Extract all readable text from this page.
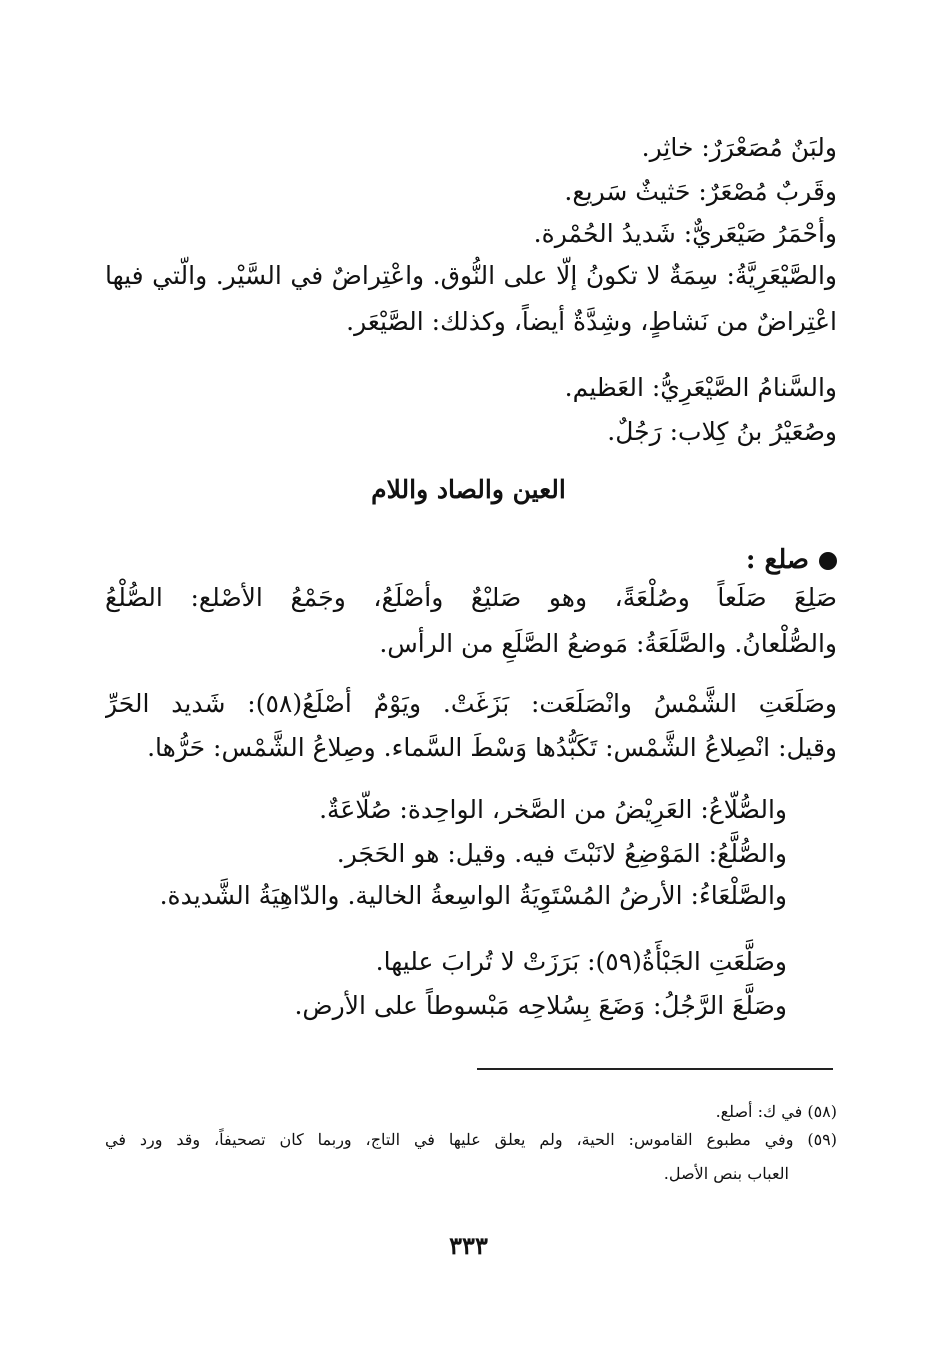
ولبَنٌ مُصَعْرَرٌ: خاثِر.
وقَربٌ مُصْعَرٌ: حَثيثٌ سَريع.
وأحْمَرُ صَيْعَريٌّ: شَديدُ الحُمْرة.
والصَّيْعَرِيَّةُ: سِمَةٌ لا تكونُ إلّا على النُّوق. واعْتِراضٌ في السَّيْر. والّتي فيها
اعْتِراضٌ من نَشاطٍ، وشِدَّةٌ أيضاً، وكذلك: الصَّيْعَر.
والسَّنامُ الصَّيْعَرِيُّ: العَظيم.
وصُعَيْرُ بنُ كِلاب: رَجُلٌ.
العين والصاد واللام
صلع :
صَلِعَ صَلَعاً وصُلْعَةً، وهو صَليْعٌ وأصْلَعُ، وجَمْعُ الأصْلع: الصُّلْعُ
والصُّلْعانُ. والصَّلَعَةُ: مَوضعُ الصَّلَعِ من الرأس.
وصَلَعَتِ الشَّمْسُ وانْصَلَعَت: بَزَغَتْ. ويَوْمٌ أصْلَعُ(٥٨): شَديد الحَرِّ
وقيل: انْصِلاعُ الشَّمْس: تَكَبُّدُها وَسْطَ السَّماء. وصِلاعُ الشَّمْس: حَرُّها.
والصُّلّاعُ: العَرِيْضُ من الصَّخر، الواحِدة: صُلّاعَةٌ.
والصُّلَّعُ: المَوْضِعُ لانَبْتَ فيه. وقيل: هو الحَجَر.
والصَّلْعَاءُ: الأرضُ المُسْتَوِيَةُ الواسِعةُ الخالية. والدّاهِيَةُ الشَّديدة.
وصَلَّعَتِ الجَبْأَةُ(٥٩): بَرَزَتْ لا تُرابَ عليها.
وصَلَّعَ الرَّجُلُ: وَضَعَ بِسُلاحِه مَبْسوطاً على الأرض.
(٥٨) في ك: أصلع.
(٥٩) وفي مطبوع القاموس: الحية، ولم يعلق عليها في التاج، وربما كان تصحيفاً، وقد ورد في
العباب بنص الأصل.
٣٣٣
